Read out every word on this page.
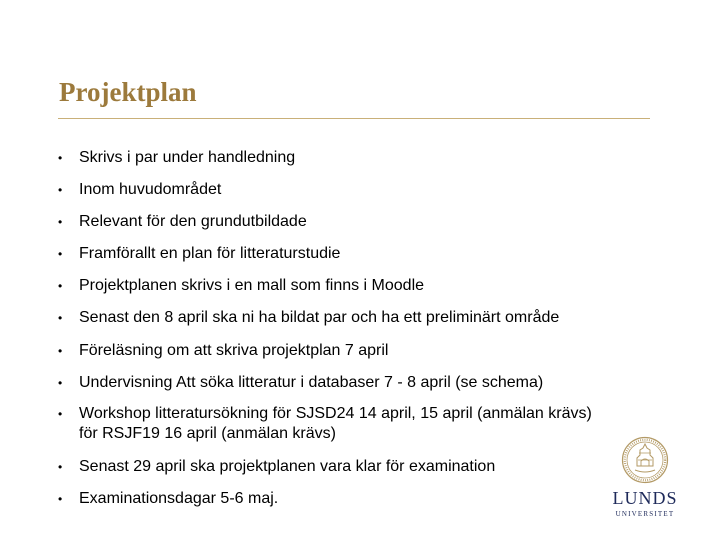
Projektplan
•	Skrivs i par under handledning
•	Inom huvudområdet
•	Relevant för den grundutbildade
•	Framförallt en plan för litteraturstudie
•	Projektplanen skrivs i en mall som finns i Moodle
•	Senast den 8 april ska ni ha bildat par och ha ett preliminärt område
•	Föreläsning om att skriva projektplan 7 april
•	Undervisning Att söka litteratur i databaser 7 - 8 april (se schema)
•	Workshop litteratursökning för SJSD24 14 april, 15 april (anmälan krävs) för RSJF19 16 april (anmälan krävs)
•	Senast 29 april ska projektplanen vara klar för examination
•	Examinationsdagar 5-6 maj.	LUNDS
UNIVERSITET
